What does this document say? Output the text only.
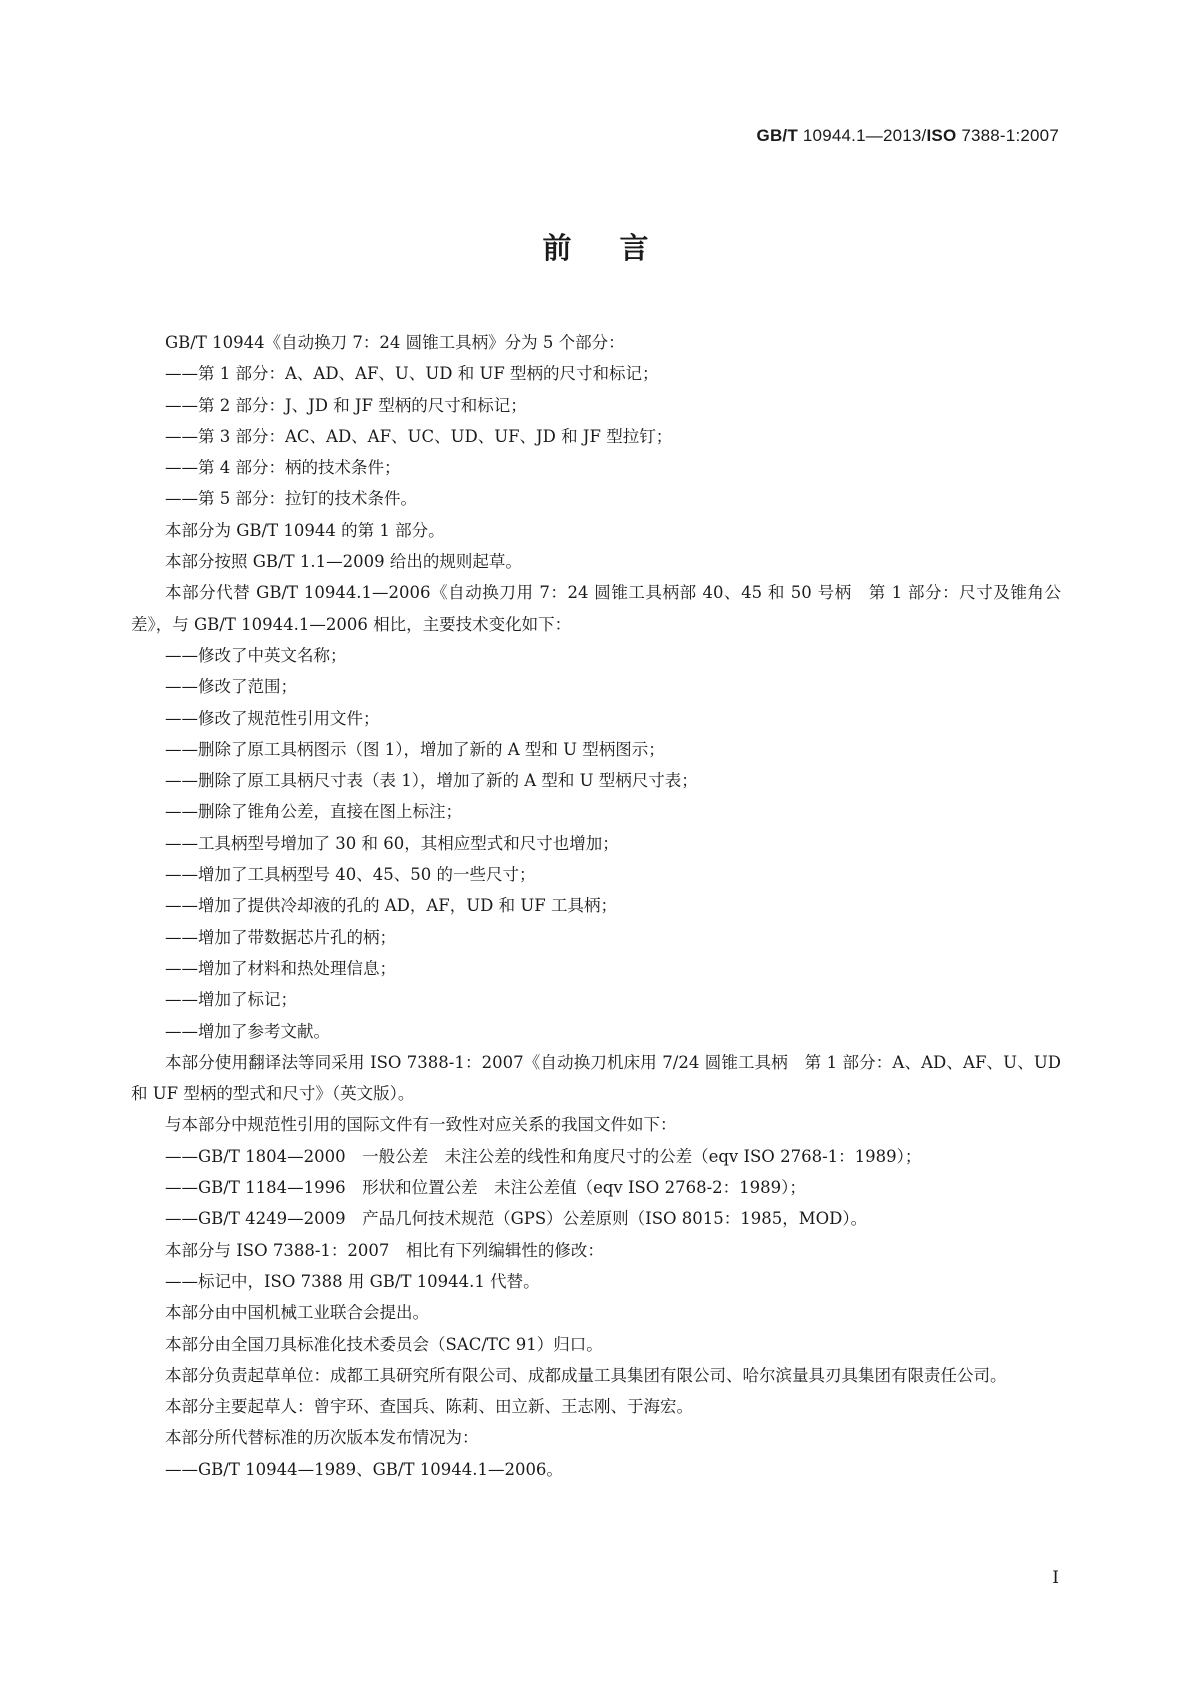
GB/T 10944.1—2013/ISO 7388-1:2007
前言

GB/T 10944《自动换刀 7：24 圆锥工具柄》分为 5 个部分：

——第 1 部分：A、AD、AF、U、UD 和 UF 型柄的尺寸和标记；

——第 2 部分：J、JD 和 JF 型柄的尺寸和标记；

——第 3 部分：AC、AD、AF、UC、UD、UF、JD 和 JF 型拉钉；

——第 4 部分：柄的技术条件；

——第 5 部分：拉钉的技术条件。

本部分为 GB/T 10944 的第 1 部分。

本部分按照 GB/T 1.1—2009 给出的规则起草。

本部分代替 GB/T 10944.1—2006《自动换刀用 7：24 圆锥工具柄部 40、45 和 50 号柄　第 1 部分：尺寸及锥角公差》，与 GB/T 10944.1—2006 相比，主要技术变化如下：

——修改了中英文名称；

——修改了范围；

——修改了规范性引用文件；

——删除了原工具柄图示（图 1），增加了新的 A 型和 U 型柄图示；

——删除了原工具柄尺寸表（表 1），增加了新的 A 型和 U 型柄尺寸表；

——删除了锥角公差，直接在图上标注；

——工具柄型号增加了 30 和 60，其相应型式和尺寸也增加；

——增加了工具柄型号 40、45、50 的一些尺寸；

——增加了提供冷却液的孔的 AD，AF，UD 和 UF 工具柄；

——增加了带数据芯片孔的柄；

——增加了材料和热处理信息；

——增加了标记；

——增加了参考文献。

本部分使用翻译法等同采用 ISO 7388-1：2007《自动换刀机床用 7/24 圆锥工具柄　第 1 部分：A、AD、AF、U、UD 和 UF 型柄的型式和尺寸》（英文版）。

与本部分中规范性引用的国际文件有一致性对应关系的我国文件如下：

——GB/T 1804—2000　一般公差　未注公差的线性和角度尺寸的公差（eqv ISO 2768-1：1989）；

——GB/T 1184—1996　形状和位置公差　未注公差值（eqv ISO 2768-2：1989）；

——GB/T 4249—2009　产品几何技术规范（GPS）公差原则（ISO 8015：1985，MOD）。

本部分与 ISO 7388-1：2007　相比有下列编辑性的修改：

——标记中，ISO 7388 用 GB/T 10944.1 代替。

本部分由中国机械工业联合会提出。

本部分由全国刀具标准化技术委员会（SAC/TC 91）归口。

本部分负责起草单位：成都工具研究所有限公司、成都成量工具集团有限公司、哈尔滨量具刃具集团有限责任公司。

本部分主要起草人：曾宇环、查国兵、陈莉、田立新、王志刚、于海宏。

本部分所代替标准的历次版本发布情况为：

——GB/T 10944—1989、GB/T 10944.1—2006。

I
